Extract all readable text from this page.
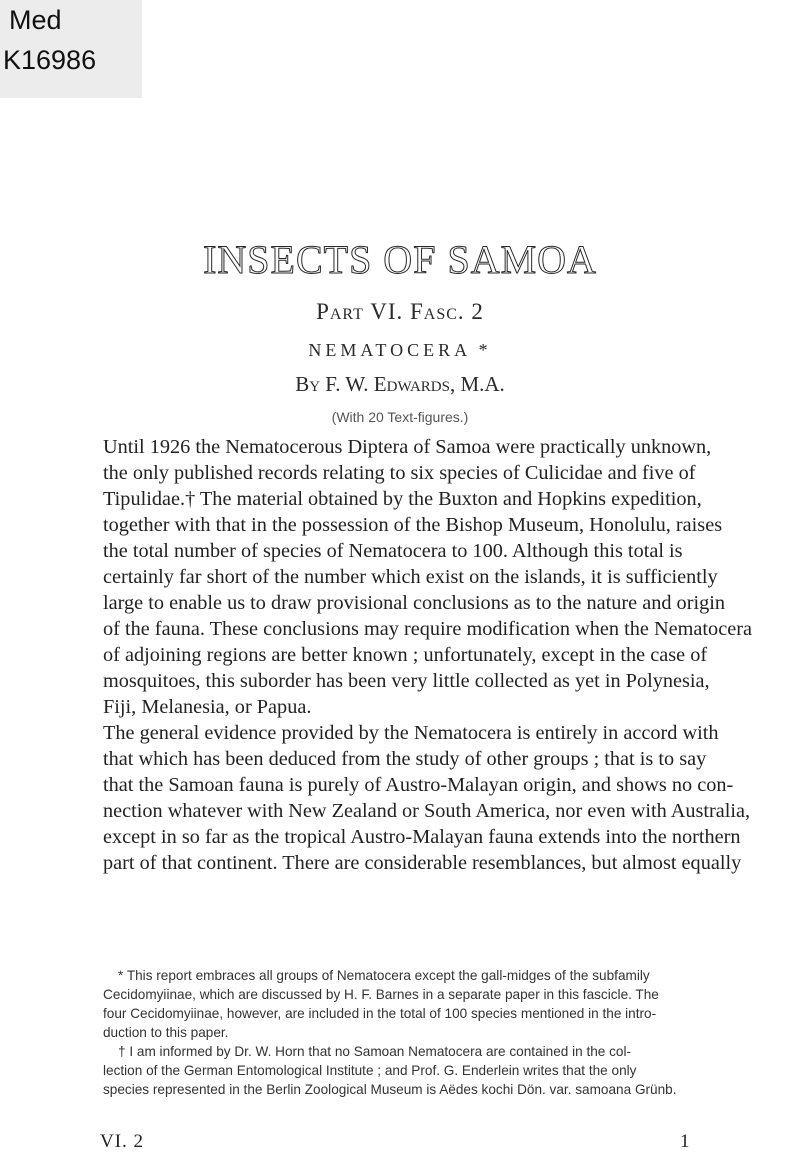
Med
K16986
INSECTS OF SAMOA
Part VI. Fasc. 2
NEMATOCERA *
By F. W. Edwards, M.A.
(With 20 Text-figures.)
Until 1926 the Nematocerous Diptera of Samoa were practically unknown,
the only published records relating to six species of Culicidae and five of
Tipulidae.† The material obtained by the Buxton and Hopkins expedition,
together with that in the possession of the Bishop Museum, Honolulu, raises
the total number of species of Nematocera to 100. Although this total is
certainly far short of the number which exist on the islands, it is sufficiently
large to enable us to draw provisional conclusions as to the nature and origin
of the fauna. These conclusions may require modification when the Nematocera
of adjoining regions are better known ; unfortunately, except in the case of
mosquitoes, this suborder has been very little collected as yet in Polynesia,
Fiji, Melanesia, or Papua.
The general evidence provided by the Nematocera is entirely in accord with
that which has been deduced from the study of other groups ; that is to say
that the Samoan fauna is purely of Austro-Malayan origin, and shows no con-
nection whatever with New Zealand or South America, nor even with Australia,
except in so far as the tropical Austro-Malayan fauna extends into the northern
part of that continent. There are considerable resemblances, but almost equally
* This report embraces all groups of Nematocera except the gall-midges of the subfamily
Cecidomyiinae, which are discussed by H. F. Barnes in a separate paper in this fascicle. The
four Cecidomyiinae, however, are included in the total of 100 species mentioned in the intro-
duction to this paper.
† I am informed by Dr. W. Horn that no Samoan Nematocera are contained in the col-
lection of the German Entomological Institute ; and Prof. G. Enderlein writes that the only
species represented in the Berlin Zoological Museum is Aëdes kochi Dön. var. samoana Grünb.
VI. 2	1
